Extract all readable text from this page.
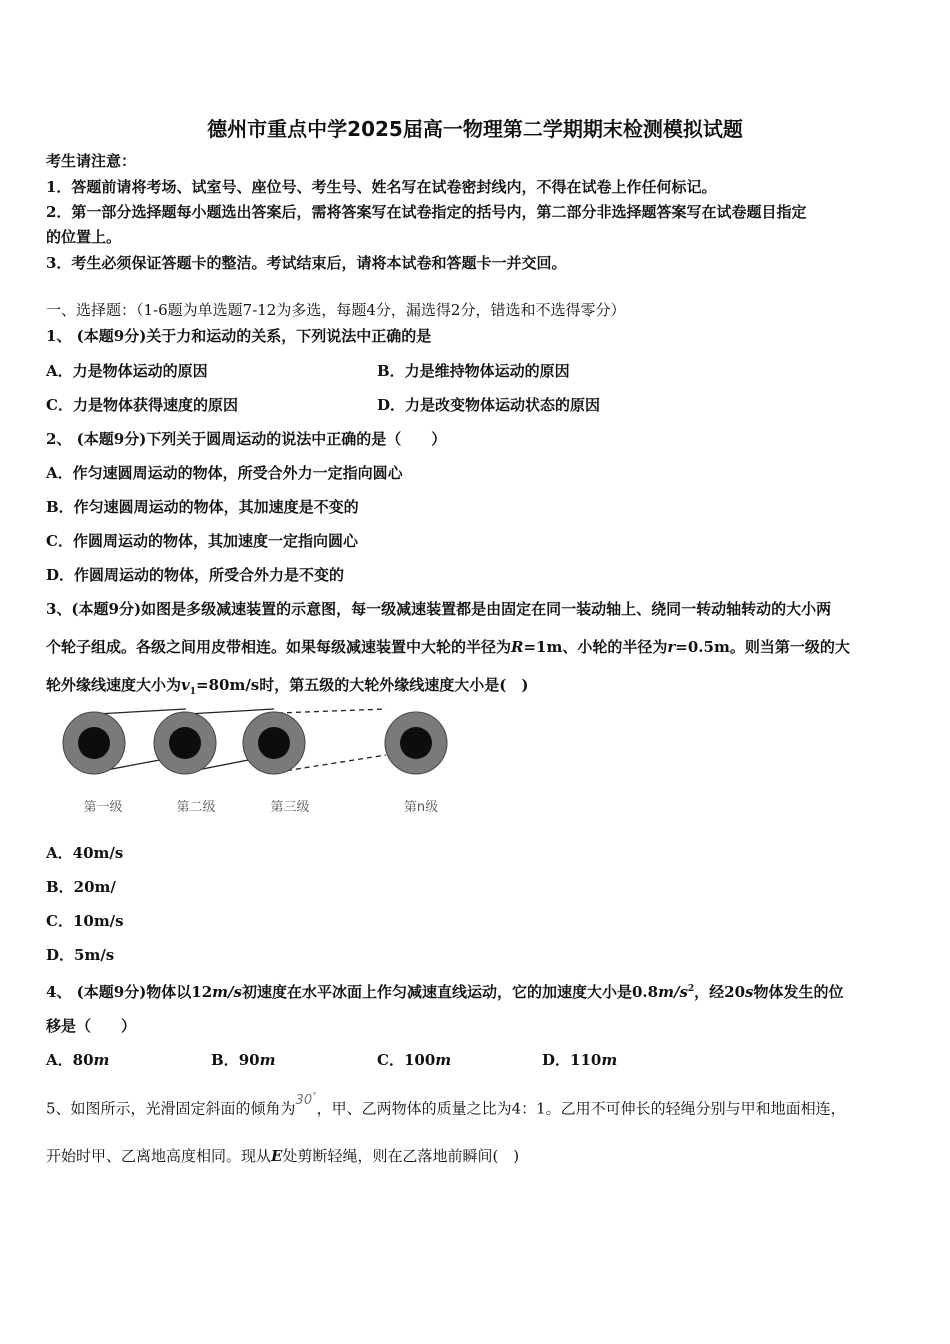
德州市重点中学2025届高一物理第二学期期末检测模拟试题
考生请注意：
1．答题前请将考场、试室号、座位号、考生号、姓名写在试卷密封线内，不得在试卷上作任何标记。
2．第一部分选择题每小题选出答案后，需将答案写在试卷指定的括号内，第二部分非选择题答案写在试卷题目指定
的位置上。
3．考生必须保证答题卡的整洁。考试结束后，请将本试卷和答题卡一并交回。
一、选择题：（1-6题为单选题7-12为多选，每题4分，漏选得2分，错选和不选得零分）
1、 (本题9分)关于力和运动的关系，下列说法中正确的是
A．力是物体运动的原因	B．力是维持物体运动的原因
C．力是物体获得速度的原因	D．力是改变物体运动状态的原因
2、 (本题9分)下列关于圆周运动的说法中正确的是（　　）
A．作匀速圆周运动的物体，所受合外力一定指向圆心
B．作匀速圆周运动的物体，其加速度是不变的
C．作圆周运动的物体，其加速度一定指向圆心
D．作圆周运动的物体，所受合外力是不变的
3、(本题9分)如图是多级减速装置的示意图，每一级减速装置都是由固定在同一装动轴上、绕同一转动轴转动的大小两
个轮子组成。各级之间用皮带相连。如果每级减速装置中大轮的半径为R=1m、小轮的半径为r=0.5m。则当第一级的大
轮外缘线速度大小为$v_1=80m/s$时，第五级的大轮外缘线速度大小是(　)
第一级	第二级	第三级	第n级
A．40m/s
B．20m/
C．10m/s
D．5m/s
4、 (本题9分)物体以12m/s初速度在水平冰面上作匀减速直线运动，它的加速度大小是$0.8m/s^2$，经20s物体发生的位
移是（　　）
A．80m	B．90m	C．100m	D．110m
5、如图所示，光滑固定斜面的倾角为30°，甲、乙两物体的质量之比为4：1。乙用不可伸长的轻绳分别与甲和地面相连，
开始时甲、乙离地高度相同。现从E处剪断轻绳，则在乙落地前瞬间(　)
